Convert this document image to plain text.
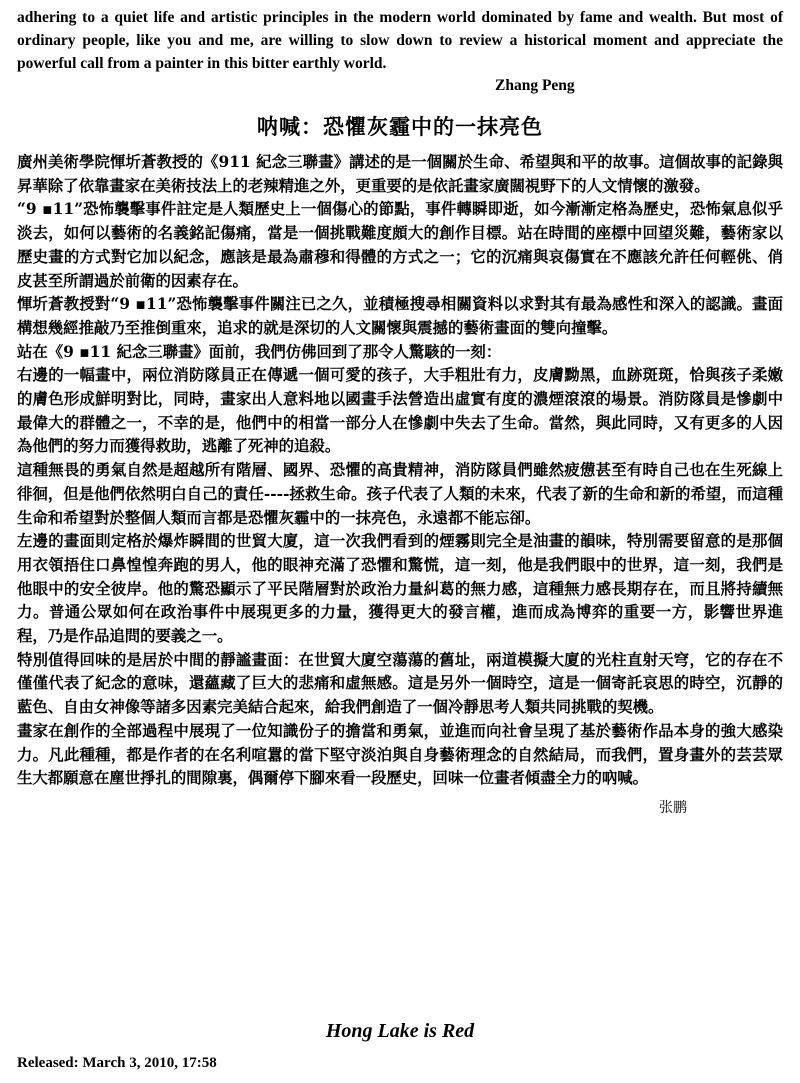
adhering to a quiet life and artistic principles in the modern world dominated by fame and wealth. But most of ordinary people, like you and me, are willing to slow down to review a historical moment and appreciate the powerful call from a painter in this bitter earthly world.
Zhang Peng
呐喊：恐懼灰霾中的一抹亮色

廣州美術學院惲圻蒼教授的《911 紀念三聯畫》講述的是一個關於生命、希望與和平的故事。這個故事的記錄與昇華除了依靠畫家在美術技法上的老辣精進之外，更重要的是依託畫家廣闊視野下的人文情懷的激發。

“9 ▪11”恐怖襲擊事件註定是人類歷史上一個傷心的節點，事件轉瞬即逝，如今漸漸定格為歷史，恐怖氣息似乎淡去，如何以藝術的名義銘記傷痛，當是一個挑戰難度頗大的創作目標。站在時間的座標中回望災難，藝術家以歷史畫的方式對它加以紀念，應該是最為肅穆和得體的方式之一；它的沉痛與哀傷實在不應該允許任何輕佻、俏皮甚至所謂過於前衛的因素存在。

惲圻蒼教授對“9 ▪11”恐怖襲擊事件關注已之久，並積極搜尋相關資料以求對其有最為感性和深入的認識。畫面構想幾經推敲乃至推倒重來，追求的就是深切的人文關懷與震撼的藝術畫面的雙向撞擊。

站在《9 ▪11 紀念三聯畫》面前，我們仿佛回到了那令人驚駭的一刻：

右邊的一幅畫中，兩位消防隊員正在傳遞一個可愛的孩子，大手粗壯有力，皮膚黝黑，血跡斑斑，恰與孩子柔嫩的膚色形成鮮明對比，同時，畫家出人意料地以國畫手法營造出虛實有度的濃煙滾滾的場景。消防隊員是慘劇中最偉大的群體之一，不幸的是，他們中的相當一部分人在慘劇中失去了生命。當然，與此同時，又有更多的人因為他們的努力而獲得救助，逃離了死神的追殺。

這種無畏的勇氣自然是超越所有階層、國界、恐懼的高貴精神，消防隊員們雖然疲憊甚至有時自己也在生死線上徘徊，但是他們依然明白自己的責任----拯救生命。孩子代表了人類的未來，代表了新的生命和新的希望，而這種生命和希望對於整個人類而言都是恐懼灰霾中的一抹亮色，永遠都不能忘卻。

左邊的畫面則定格於爆炸瞬間的世貿大廈，這一次我們看到的煙霧則完全是油畫的韻味，特別需要留意的是那個用衣領捂住口鼻惶惶奔跑的男人，他的眼神充滿了恐懼和驚慌，這一刻，他是我們眼中的世界，這一刻，我們是他眼中的安全彼岸。他的驚恐顯示了平民階層對於政治力量糾葛的無力感，這種無力感長期存在，而且將持續無力。普通公眾如何在政治事件中展現更多的力量，獲得更大的發言權，進而成為博弈的重要一方，影響世界進程，乃是作品追問的要義之一。

特別值得回味的是居於中間的靜謐畫面：在世貿大廈空蕩蕩的舊址，兩道模擬大廈的光柱直射天穹，它的存在不僅僅代表了紀念的意味，還蘊藏了巨大的悲痛和虛無感。這是另外一個時空，這是一個寄託哀思的時空，沉靜的藍色、自由女神像等諸多因素完美結合起來，給我們創造了一個冷靜思考人類共同挑戰的契機。

畫家在創作的全部過程中展現了一位知識份子的擔當和勇氣，並進而向社會呈現了基於藝術作品本身的強大感染力。凡此種種，都是作者的在名利喧囂的當下堅守淡泊與自身藝術理念的自然結局，而我們，置身畫外的芸芸眾生大都願意在塵世掙扎的間隙裏，偶爾停下腳來看一段歷史，回味一位畫者傾盡全力的吶喊。

张鹏
Hong Lake is Red
Released: March 3, 2010, 17:58
